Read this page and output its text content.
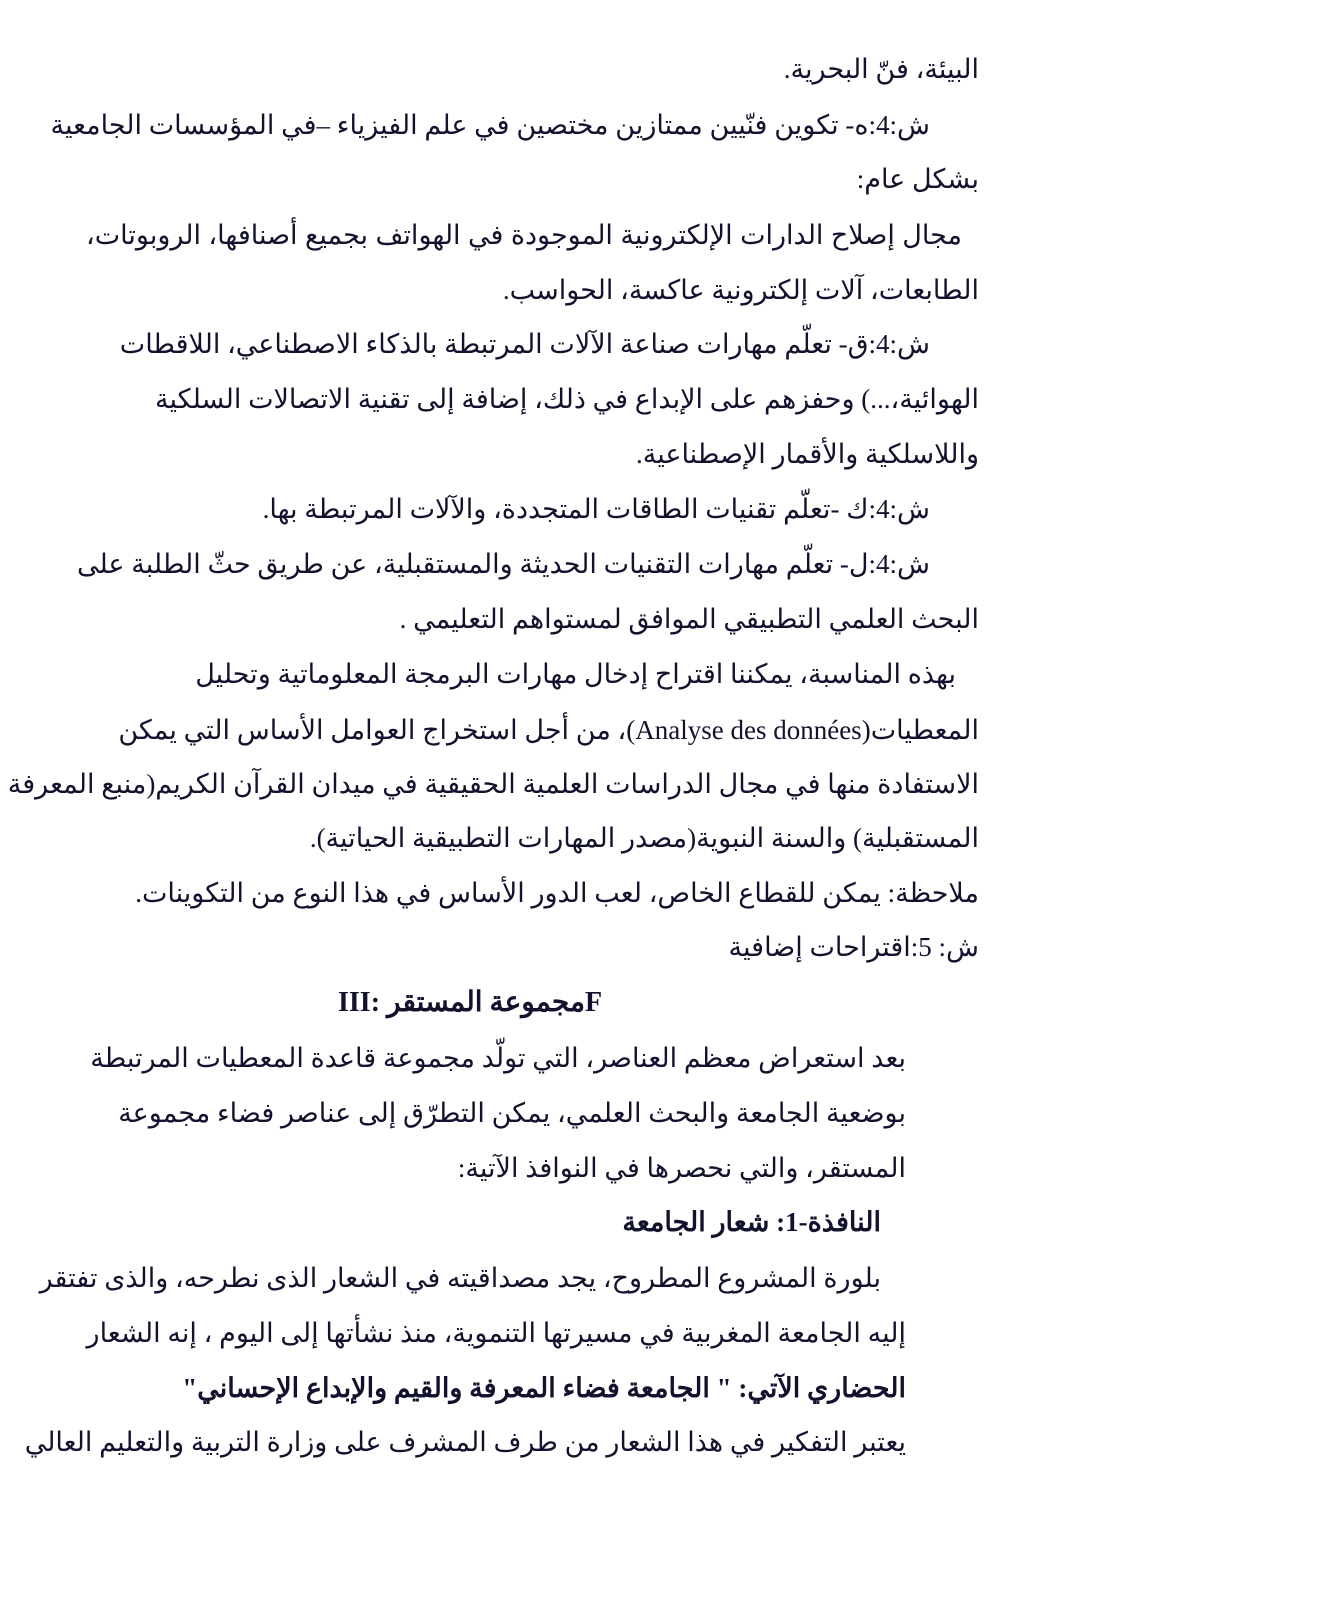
البيئة، فنّ البحرية.
ش:4:ه- تكوين فنّيين ممتازين مختصين في علم الفيزياء –في المؤسسات الجامعية
بشكل عام:
مجال إصلاح الدارات الإلكترونية الموجودة في الهواتف بجميع أصنافها، الروبوتات،
الطابعات، آلات إلكترونية عاكسة، الحواسب.
ش:4:ق- تعلّم مهارات صناعة الآلات المرتبطة بالذكاء الاصطناعي، اللاقطات
الهوائية،...) وحفزهم على الإبداع في ذلك، إضافة إلى تقنية الاتصالات السلكية
واللاسلكية والأقمار الإصطناعية.
ش:4:ك -تعلّم تقنيات الطاقات المتجددة، والآلات المرتبطة بها.
ش:4:ل- تعلّم مهارات التقنيات الحديثة والمستقبلية، عن طريق حثّ الطلبة على
البحث العلمي التطبيقي الموافق لمستواهم التعليمي .
بهذه المناسبة، يمكننا اقتراح إدخال مهارات البرمجة المعلوماتية وتحليل
المعطيات(Analyse des données)، من أجل استخراج العوامل الأساس التي يمكن
الاستفادة منها في مجال الدراسات العلمية الحقيقية في ميدان القرآن الكريم(منبع المعرفة
المستقبلية) والسنة النبوية(مصدر المهارات التطبيقية الحياتية).
ملاحظة: يمكن للقطاع الخاص، لعب الدور الأساس في هذا النوع من التكوينات.
ش: 5:اقتراحات إضافية
III: مجموعة المستقرF
بعد استعراض معظم العناصر، التي تولّد مجموعة قاعدة المعطيات المرتبطة
بوضعية الجامعة والبحث العلمي، يمكن التطرّق إلى عناصر فضاء مجموعة
المستقر، والتي نحصرها في النوافذ الآتية:
النافذة-1: شعار الجامعة
بلورة المشروع المطروح، يجد مصداقيته في الشعار الذى نطرحه، والذى تفتقر
إليه الجامعة المغربية في مسيرتها التنموية، منذ نشأتها إلى اليوم ، إنه الشعار
الحضاري الآتي: " الجامعة فضاء المعرفة والقيم والإبداع الإحساني"
يعتبر التفكير في هذا الشعار من طرف المشرف على وزارة التربية والتعليم العالي
